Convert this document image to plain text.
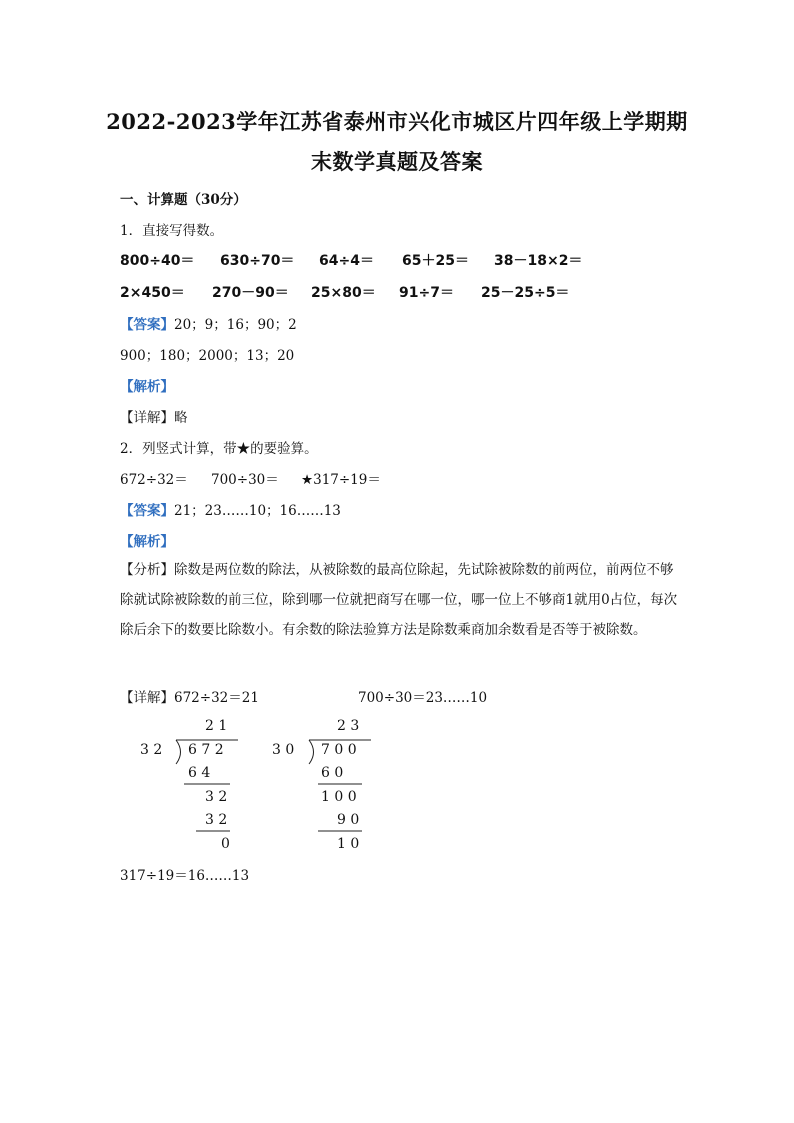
2022-2023学年江苏省泰州市兴化市城区片四年级上学期期
末数学真题及答案
一、计算题（30分）
1．直接写得数。
800÷40＝ 630÷70＝ 64÷4＝ 65＋25＝ 38－18×2＝
2×450＝ 270－90＝ 25×80＝ 91÷7＝ 25－25÷5＝
【答案】20；9；16；90；2
900；180；2000；13；20
【解析】
【详解】略
2．列竖式计算，带★的要验算。
672÷32＝ 700÷30＝ ★317÷19＝
【答案】21；23……10；16……13
【解析】
【分析】除数是两位数的除法，从被除数的最高位除起，先试除被除数的前两位，前两位不够除就试除被除数的前三位，除到哪一位就把商写在哪一位，哪一位上不够商1就用0占位，每次除后余下的数要比除数小。有余数的除法验算方法是除数乘商加余数看是否等于被除数。
【详解】672÷32＝21	700÷30＝23……10
2 1
3 2 6 7 2
6 4
3 2
3 2
0
2 3
3 0 7 0 0
6 0
1 0 0
9 0
1 0
317÷19＝16……13
